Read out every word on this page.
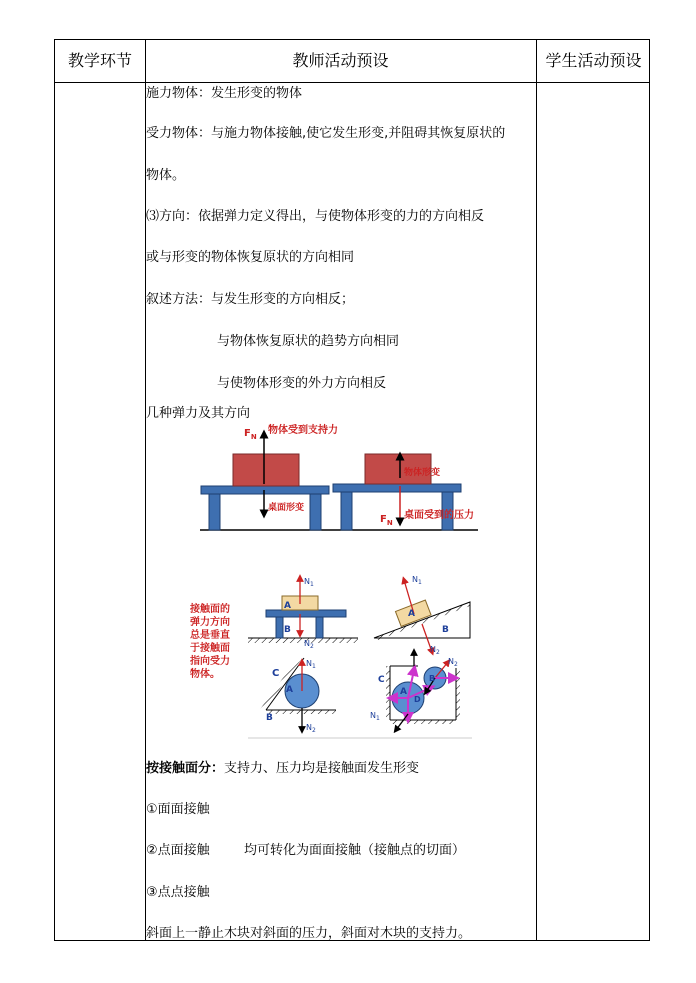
教学环节	教师活动预设	学生活动预设
施力物体：发生形变的物体
受力物体：与施力物体接触,使它发生形变,并阻碍其恢复原状的
物体。
⑶方向：依据弹力定义得出，与使物体形变的力的方向相反
或与形变的物体恢复原状的方向相同
叙述方法：与发生形变的方向相反；
与物体恢复原状的趋势方向相同
与使物体形变的外力方向相反
几种弹力及其方向
$F_N$
物体受到支持力
桌面形变
物体形变
$F_N$
桌面受到的压力
接 触 面 的
弹 力 方 向
总 是 垂 直
于 接 触 面
指 向 受 力
物 体。
A
B
$N_1$
$N_2$
A
B
$N_1$
$N_2$
C
A
B
$N_1$
$N_2$
C
A
B
D
$N_2$
$N_1$
按接触面分：支持力、压力均是接触面发生形变
①面面接触
②点面接触	均可转化为面面接触（接触点的切面）
③点点接触
斜面上一静止木块对斜面的压力，斜面对木块的支持力。
